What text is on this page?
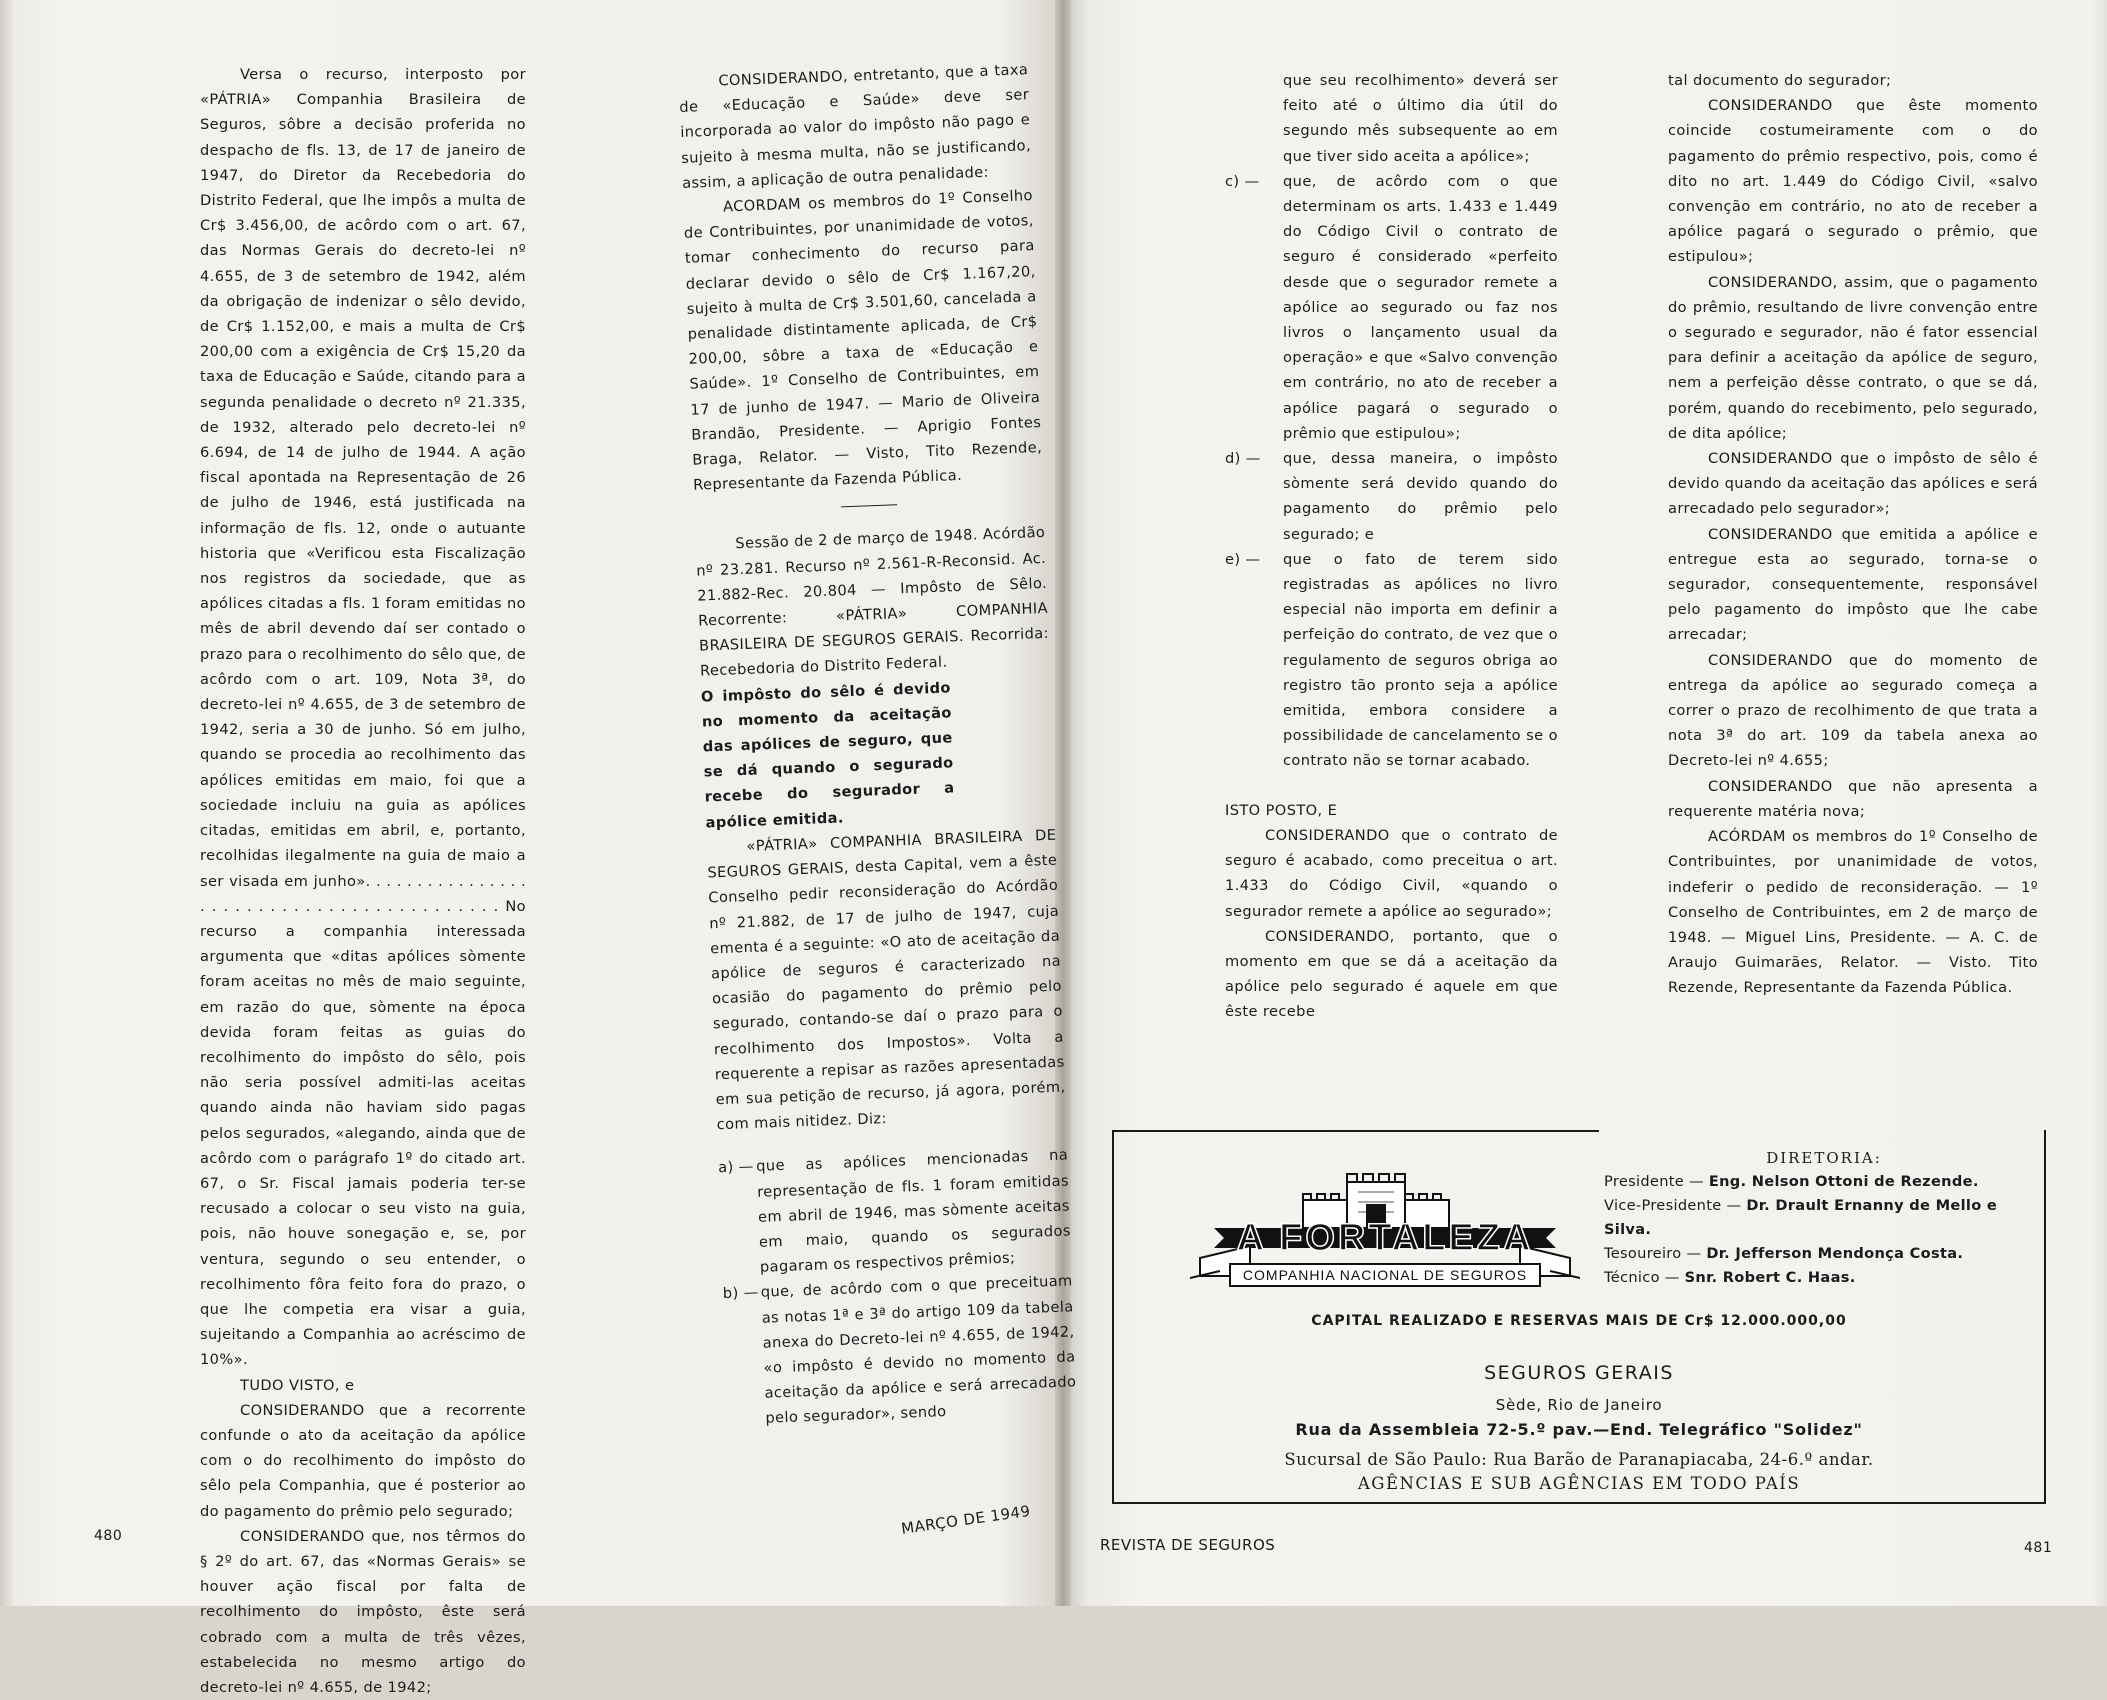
Versa o recurso, interposto por «PÁTRIA» Companhia Brasileira de Seguros, sôbre a decisão proferida no despacho de fls. 13, de 17 de janeiro de 1947, do Diretor da Recebedoria do Distrito Federal, que lhe impôs a multa de Cr$ 3.456,00, de acôrdo com o art. 67, das Normas Gerais do decreto-lei nº 4.655, de 3 de setembro de 1942, além da obrigação de indenizar o sêlo devido, de Cr$ 1.152,00, e mais a multa de Cr$ 200,00 com a exigência de Cr$ 15,20 da taxa de Educação e Saúde, citando para a segunda penalidade o decreto nº 21.335, de 1932, alterado pelo decreto-lei nº 6.694, de 14 de julho de 1944. A ação fiscal apontada na Representação de 26 de julho de 1946, está justificada na informação de fls. 12, onde o autuante historia que «Verificou esta Fiscalização nos registros da sociedade, que as apólices citadas a fls. 1 foram emitidas no mês de abril devendo daí ser contado o prazo para o recolhimento do sêlo que, de acôrdo com o art. 109, Nota 3ª, do decreto-lei nº 4.655, de 3 de setembro de 1942, seria a 30 de junho. Só em julho, quando se procedia ao recolhimento das apólices emitidas em maio, foi que a sociedade incluiu na guia as apólices citadas, emitidas em abril, e, portanto, recolhidas ilegalmente na guia de maio a ser visada em junho». . . . . . . . . . . . . . . . . . . . . . . . . . . . . . . . . . . . . . . . . . No recurso a companhia interessada argumenta que «ditas apólices sòmente foram aceitas no mês de maio seguinte, em razão do que, sòmente na época devida foram feitas as guias do recolhimento do impôsto do sêlo, pois não seria possível admiti-las aceitas quando ainda não haviam sido pagas pelos segurados, «alegando, ainda que de acôrdo com o parágrafo 1º do citado art. 67, o Sr. Fiscal jamais poderia ter-se recusado a colocar o seu visto na guia, pois, não houve sonegação e, se, por ventura, segundo o seu entender, o recolhimento fôra feito fora do prazo, o que lhe competia era visar a guia, sujeitando a Companhia ao acréscimo de 10%».

TUDO VISTO, e

CONSIDERANDO que a recorrente confunde o ato da aceitação da apólice com o do recolhimento do impôsto do sêlo pela Companhia, que é posterior ao do pagamento do prêmio pelo segurado;

CONSIDERANDO que, nos têrmos do § 2º do art. 67, das «Normas Gerais» se houver ação fiscal por falta de recolhimento do impôsto, êste será cobrado com a multa de três vêzes, estabelecida no mesmo artigo do decreto-lei nº 4.655, de 1942;

CONSIDERANDO, entretanto, que a taxa de «Educação e Saúde» deve ser incorporada ao valor do impôsto não pago e sujeito à mesma multa, não se justificando, assim, a aplicação de outra penalidade:

ACORDAM os membros do 1º Conselho de Contribuintes, por unanimidade de votos, tomar conhecimento do recurso para declarar devido o sêlo de Cr$ 1.167,20, sujeito à multa de Cr$ 3.501,60, cancelada a penalidade distintamente aplicada, de Cr$ 200,00, sôbre a taxa de «Educação e Saúde». 1º Conselho de Contribuintes, em 17 de junho de 1947. — Mario de Oliveira Brandão, Presidente. — Aprigio Fontes Braga, Relator. — Visto, Tito Rezende, Representante da Fazenda Pública.

Sessão de 2 de março de 1948. Acórdão nº 23.281. Recurso nº 2.561-R-Reconsid. Ac. 21.882-Rec. 20.804 — Impôsto de Sêlo. Recorrente: «PÁTRIA» COMPANHIA BRASILEIRA DE SEGUROS GERAIS. Recorrida: Recebedoria do Distrito Federal.

O impôsto do sêlo é devido no momento da aceitação das apólices de seguro, que se dá quando o segurado recebe do segurador a apólice emitida.

«PÁTRIA» COMPANHIA BRASILEIRA DE SEGUROS GERAIS, desta Capital, vem a êste Conselho pedir reconsideração do Acórdão nº 21.882, de 17 de julho de 1947, cuja ementa é a seguinte: «O ato de aceitação da apólice de seguros é caracterizado na ocasião do pagamento do prêmio pelo segurado, contando-se daí o prazo para o recolhimento dos Impostos». Volta a requerente a repisar as razões apresentadas em sua petição de recurso, já agora, porém, com mais nitidez. Diz:

a) — que as apólices mencionadas na representação de fls. 1 foram emitidas em abril de 1946, mas sòmente aceitas em maio, quando os segurados pagaram os respectivos prêmios;
b) — que, de acôrdo com o que preceituam as notas 1ª e 3ª do artigo 109 da tabela anexa do Decreto-lei nº 4.655, de 1942, «o impôsto é devido no momento da aceitação da apólice e será arrecadado pelo segurador», sendo
480	MARÇO DE 1949

que seu recolhimento» deverá ser feito até o último dia útil do segundo mês subsequente ao em que tiver sido aceita a apólice»;

c) —	que, de acôrdo com o que determinam os arts. 1.433 e 1.449 do Código Civil o contrato de seguro é considerado «perfeito desde que o segurador remete a apólice ao segurado ou faz nos livros o lançamento usual da operação» e que «Salvo convenção em contrário, no ato de receber a apólice pagará o segurado o prêmio que estipulou»;
d) —	que, dessa maneira, o impôsto sòmente será devido quando do pagamento do prêmio pelo segurado; e
e) —	que o fato de terem sido registradas as apólices no livro especial não importa em definir a perfeição do contrato, de vez que o regulamento de seguros obriga ao registro tão pronto seja a apólice emitida, embora considere a possibilidade de cancelamento se o contrato não se tornar acabado.

ISTO POSTO, E

CONSIDERANDO que o contrato de seguro é acabado, como preceitua o art. 1.433 do Código Civil, «quando o segurador remete a apólice ao segurado»;

CONSIDERANDO, portanto, que o momento em que se dá a aceitação da apólice pelo segurado é aquele em que êste recebe

tal documento do segurador;

CONSIDERANDO que êste momento coincide costumeiramente com o do pagamento do prêmio respectivo, pois, como é dito no art. 1.449 do Código Civil, «salvo convenção em contrário, no ato de receber a apólice pagará o segurado o prêmio, que estipulou»;

CONSIDERANDO, assim, que o pagamento do prêmio, resultando de livre convenção entre o segurado e segurador, não é fator essencial para definir a aceitação da apólice de seguro, nem a perfeição dêsse contrato, o que se dá, porém, quando do recebimento, pelo segurado, de dita apólice;

CONSIDERANDO que o impôsto de sêlo é devido quando da aceitação das apólices e será arrecadado pelo segurador»;

CONSIDERANDO que emitida a apólice e entregue esta ao segurado, torna-se o segurador, consequentemente, responsável pelo pagamento do impôsto que lhe cabe arrecadar;

CONSIDERANDO que do momento de entrega da apólice ao segurado começa a correr o prazo de recolhimento de que trata a nota 3ª do art. 109 da tabela anexa ao Decreto-lei nº 4.655;

CONSIDERANDO que não apresenta a requerente matéria nova;

ACÓRDAM os membros do 1º Conselho de Contribuintes, por unanimidade de votos, indeferir o pedido de reconsideração. — 1º Conselho de Contribuintes, em 2 de março de 1948. — Miguel Lins, Presidente. — A. C. de Araujo Guimarães, Relator. — Visto. Tito Rezende, Representante da Fazenda Pública.

A FORTALEZA
COMPANHIA NACIONAL DE SEGUROS
DIRETORIA:
Presidente — Eng. Nelson Ottoni de Rezende.
Vice-Presidente — Dr. Drault Ernanny de Mello e Silva.
Tesoureiro — Dr. Jefferson Mendonça Costa.
Técnico — Snr. Robert C. Haas.
CAPITAL REALIZADO E RESERVAS MAIS DE Cr$ 12.000.000,00
SEGUROS GERAIS
Sède, Rio de Janeiro
Rua da Assembleia 72-5.º pav.—End. Telegráfico "Solidez"
Sucursal de São Paulo: Rua Barão de Paranapiacaba, 24-6.º andar.
AGÊNCIAS E SUB AGÊNCIAS EM TODO PAÍS
REVISTA DE SEGUROS	481
